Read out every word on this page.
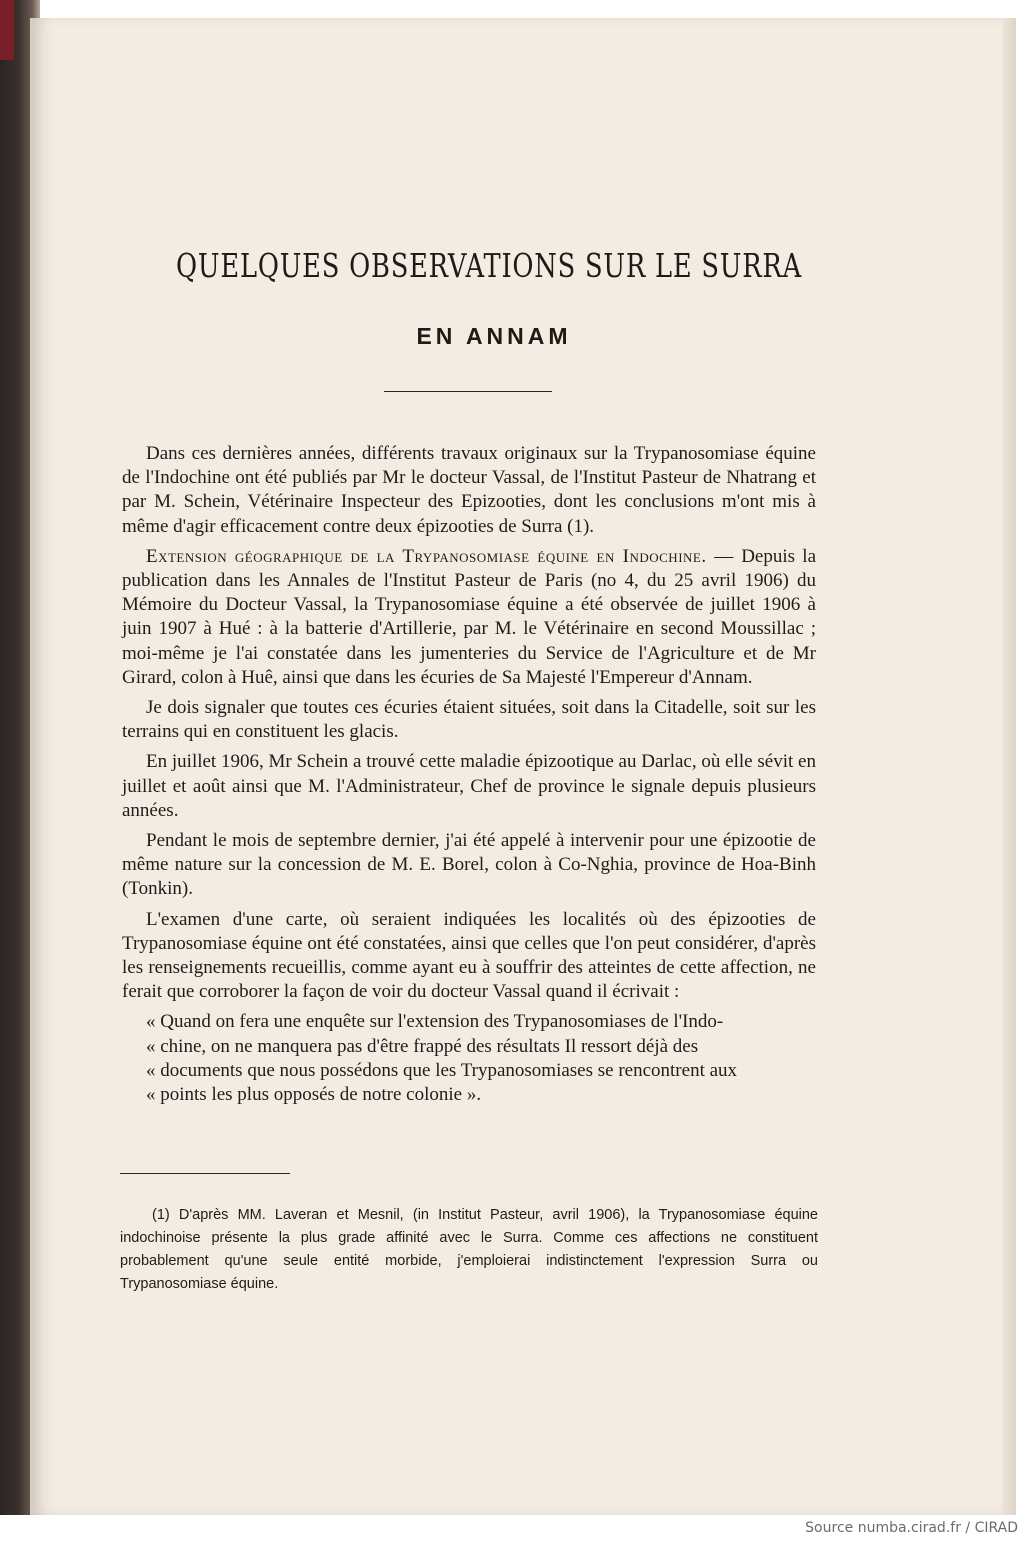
QUELQUES OBSERVATIONS SUR LE SURRA
EN ANNAM

Dans ces dernières années, différents travaux originaux sur la Trypanosomiase équine de l'Indochine ont été publiés par Mr le docteur Vassal, de l'Institut Pasteur de Nhatrang et par M. Schein, Vétérinaire Inspecteur des Epizooties, dont les conclusions m'ont mis à même d'agir efficacement contre deux épizooties de Surra (1).

Extension géographique de la Trypanosomiase équine en Indochine. — Depuis la publication dans les Annales de l'Institut Pasteur de Paris (no 4, du 25 avril 1906) du Mémoire du Docteur Vassal, la Trypanosomiase équine a été observée de juillet 1906 à juin 1907 à Hué : à la batterie d'Artillerie, par M. le Vétérinaire en second Moussillac ; moi-même je l'ai constatée dans les jumenteries du Service de l'Agriculture et de Mr Girard, colon à Huê, ainsi que dans les écuries de Sa Majesté l'Empereur d'Annam.

Je dois signaler que toutes ces écuries étaient situées, soit dans la Citadelle, soit sur les terrains qui en constituent les glacis.

En juillet 1906, Mr Schein a trouvé cette maladie épizootique au Darlac, où elle sévit en juillet et août ainsi que M. l'Administrateur, Chef de province le signale depuis plusieurs années.

Pendant le mois de septembre dernier, j'ai été appelé à intervenir pour une épizootie de même nature sur la concession de M. E. Borel, colon à Co-Nghia, province de Hoa-Binh (Tonkin).

L'examen d'une carte, où seraient indiquées les localités où des épizooties de Trypanosomiase équine ont été constatées, ainsi que celles que l'on peut considérer, d'après les renseignements recueillis, comme ayant eu à souffrir des atteintes de cette affection, ne ferait que corroborer la façon de voir du docteur Vassal quand il écrivait :

« Quand on fera une enquête sur l'extension des Trypanosomiases de l'Indo-
« chine, on ne manquera pas d'être frappé des résultats Il ressort déjà des
« documents que nous possédons que les Trypanosomiases se rencontrent aux
« points les plus opposés de notre colonie ».

(1) D'après MM. Laveran et Mesnil, (in Institut Pasteur, avril 1906), la Trypanosomiase équine indochinoise présente la plus grade affinité avec le Surra. Comme ces affections ne constituent probablement qu'une seule entité morbide, j'emploierai indistinctement l'expression Surra ou Trypanosomiase équine.

Source numba.cirad.fr / CIRAD
